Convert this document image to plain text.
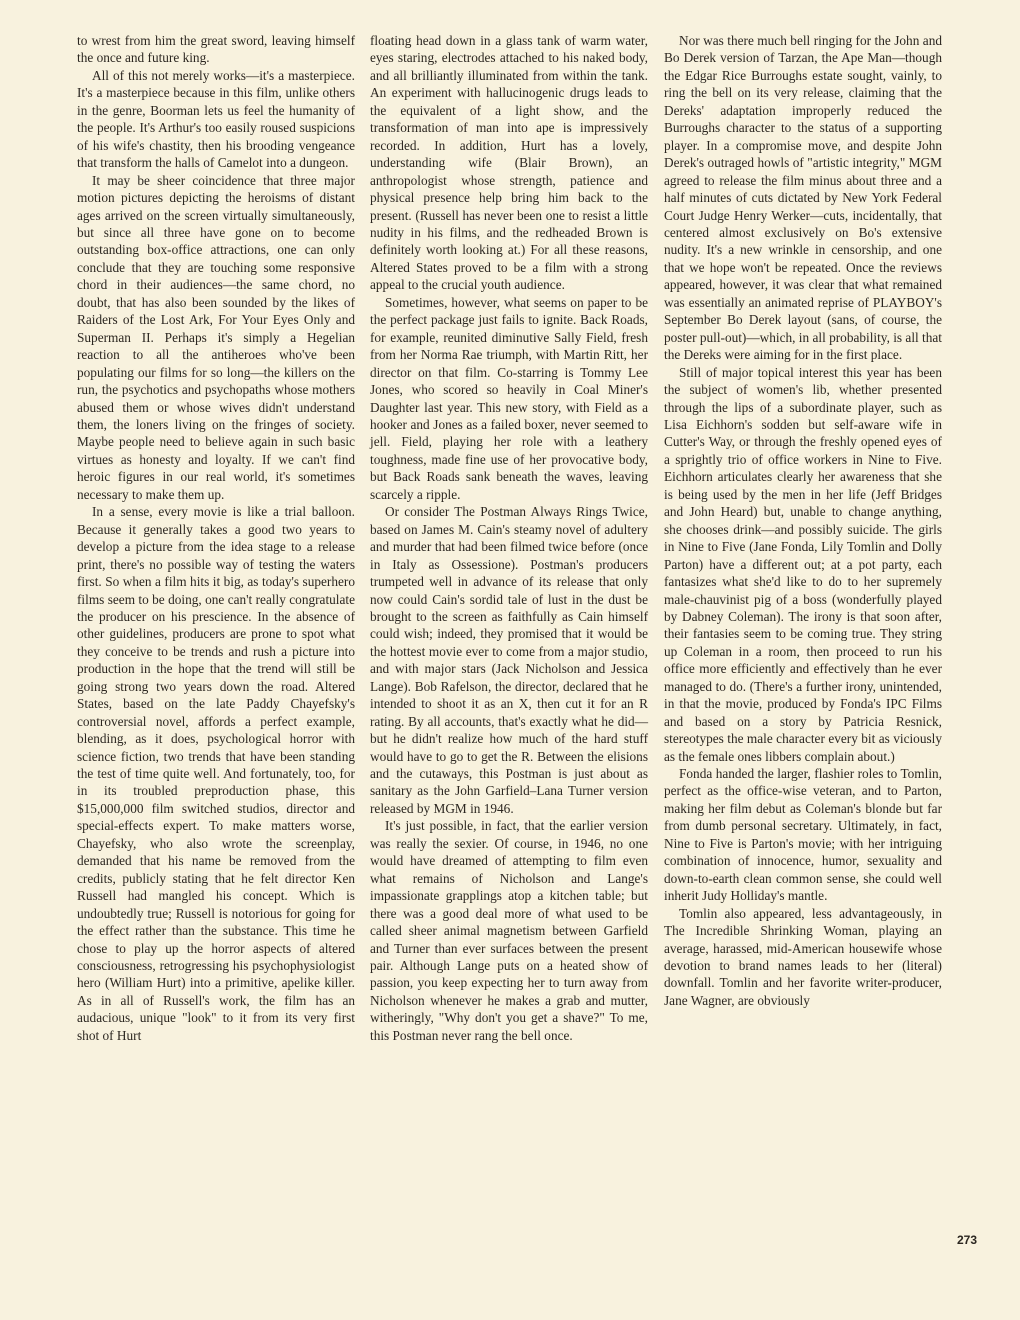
to wrest from him the great sword, leaving himself the once and future king.

All of this not merely works—it's a masterpiece. It's a masterpiece because in this film, unlike others in the genre, Boorman lets us feel the humanity of the people. It's Arthur's too easily roused suspicions of his wife's chastity, then his brooding vengeance that transform the halls of Camelot into a dungeon.

It may be sheer coincidence that three major motion pictures depicting the heroisms of distant ages arrived on the screen virtually simultaneously, but since all three have gone on to become outstanding box-office attractions, one can only conclude that they are touching some responsive chord in their audiences—the same chord, no doubt, that has also been sounded by the likes of Raiders of the Lost Ark, For Your Eyes Only and Superman II. Perhaps it's simply a Hegelian reaction to all the antiheroes who've been populating our films for so long—the killers on the run, the psychotics and psychopaths whose mothers abused them or whose wives didn't understand them, the loners living on the fringes of society. Maybe people need to believe again in such basic virtues as honesty and loyalty. If we can't find heroic figures in our real world, it's sometimes necessary to make them up.

In a sense, every movie is like a trial balloon. Because it generally takes a good two years to develop a picture from the idea stage to a release print, there's no possible way of testing the waters first. So when a film hits it big, as today's superhero films seem to be doing, one can't really congratulate the producer on his prescience. In the absence of other guidelines, producers are prone to spot what they conceive to be trends and rush a picture into production in the hope that the trend will still be going strong two years down the road. Altered States, based on the late Paddy Chayefsky's controversial novel, affords a perfect example, blending, as it does, psychological horror with science fiction, two trends that have been standing the test of time quite well. And fortunately, too, for in its troubled preproduction phase, this $15,000,000 film switched studios, director and special-effects expert. To make matters worse, Chayefsky, who also wrote the screenplay, demanded that his name be removed from the credits, publicly stating that he felt director Ken Russell had mangled his concept. Which is undoubtedly true; Russell is notorious for going for the effect rather than the substance. This time he chose to play up the horror aspects of altered consciousness, retrogressing his psychophysiologist hero (William Hurt) into a primitive, apelike killer. As in all of Russell's work, the film has an audacious, unique "look" to it from its very first shot of Hurt

floating head down in a glass tank of warm water, eyes staring, electrodes attached to his naked body, and all brilliantly illuminated from within the tank. An experiment with hallucinogenic drugs leads to the equivalent of a light show, and the transformation of man into ape is impressively recorded. In addition, Hurt has a lovely, understanding wife (Blair Brown), an anthropologist whose strength, patience and physical presence help bring him back to the present. (Russell has never been one to resist a little nudity in his films, and the redheaded Brown is definitely worth looking at.) For all these reasons, Altered States proved to be a film with a strong appeal to the crucial youth audience.

Sometimes, however, what seems on paper to be the perfect package just fails to ignite. Back Roads, for example, reunited diminutive Sally Field, fresh from her Norma Rae triumph, with Martin Ritt, her director on that film. Co-starring is Tommy Lee Jones, who scored so heavily in Coal Miner's Daughter last year. This new story, with Field as a hooker and Jones as a failed boxer, never seemed to jell. Field, playing her role with a leathery toughness, made fine use of her provocative body, but Back Roads sank beneath the waves, leaving scarcely a ripple.

Or consider The Postman Always Rings Twice, based on James M. Cain's steamy novel of adultery and murder that had been filmed twice before (once in Italy as Ossessione). Postman's producers trumpeted well in advance of its release that only now could Cain's sordid tale of lust in the dust be brought to the screen as faithfully as Cain himself could wish; indeed, they promised that it would be the hottest movie ever to come from a major studio, and with major stars (Jack Nicholson and Jessica Lange). Bob Rafelson, the director, declared that he intended to shoot it as an X, then cut it for an R rating. By all accounts, that's exactly what he did—but he didn't realize how much of the hard stuff would have to go to get the R. Between the elisions and the cutaways, this Postman is just about as sanitary as the John Garfield–Lana Turner version released by MGM in 1946.

It's just possible, in fact, that the earlier version was really the sexier. Of course, in 1946, no one would have dreamed of attempting to film even what remains of Nicholson and Lange's impassionate grapplings atop a kitchen table; but there was a good deal more of what used to be called sheer animal magnetism between Garfield and Turner than ever surfaces between the present pair. Although Lange puts on a heated show of passion, you keep expecting her to turn away from Nicholson whenever he makes a grab and mutter, witheringly, "Why don't you get a shave?" To me, this Postman never rang the bell once.

Nor was there much bell ringing for the John and Bo Derek version of Tarzan, the Ape Man—though the Edgar Rice Burroughs estate sought, vainly, to ring the bell on its very release, claiming that the Dereks' adaptation improperly reduced the Burroughs character to the status of a supporting player. In a compromise move, and despite John Derek's outraged howls of "artistic integrity," MGM agreed to release the film minus about three and a half minutes of cuts dictated by New York Federal Court Judge Henry Werker—cuts, incidentally, that centered almost exclusively on Bo's extensive nudity. It's a new wrinkle in censorship, and one that we hope won't be repeated. Once the reviews appeared, however, it was clear that what remained was essentially an animated reprise of PLAYBOY's September Bo Derek layout (sans, of course, the poster pull-out)—which, in all probability, is all that the Dereks were aiming for in the first place.

Still of major topical interest this year has been the subject of women's lib, whether presented through the lips of a subordinate player, such as Lisa Eichhorn's sodden but self-aware wife in Cutter's Way, or through the freshly opened eyes of a sprightly trio of office workers in Nine to Five. Eichhorn articulates clearly her awareness that she is being used by the men in her life (Jeff Bridges and John Heard) but, unable to change anything, she chooses drink—and possibly suicide. The girls in Nine to Five (Jane Fonda, Lily Tomlin and Dolly Parton) have a different out; at a pot party, each fantasizes what she'd like to do to her supremely male-chauvinist pig of a boss (wonderfully played by Dabney Coleman). The irony is that soon after, their fantasies seem to be coming true. They string up Coleman in a room, then proceed to run his office more efficiently and effectively than he ever managed to do. (There's a further irony, unintended, in that the movie, produced by Fonda's IPC Films and based on a story by Patricia Resnick, stereotypes the male character every bit as viciously as the female ones libbers complain about.)

Fonda handed the larger, flashier roles to Tomlin, perfect as the office-wise veteran, and to Parton, making her film debut as Coleman's blonde but far from dumb personal secretary. Ultimately, in fact, Nine to Five is Parton's movie; with her intriguing combination of innocence, humor, sexuality and down-to-earth clean common sense, she could well inherit Judy Holliday's mantle.

Tomlin also appeared, less advantageously, in The Incredible Shrinking Woman, playing an average, harassed, mid-American housewife whose devotion to brand names leads to her (literal) downfall. Tomlin and her favorite writer-producer, Jane Wagner, are obviously

273
